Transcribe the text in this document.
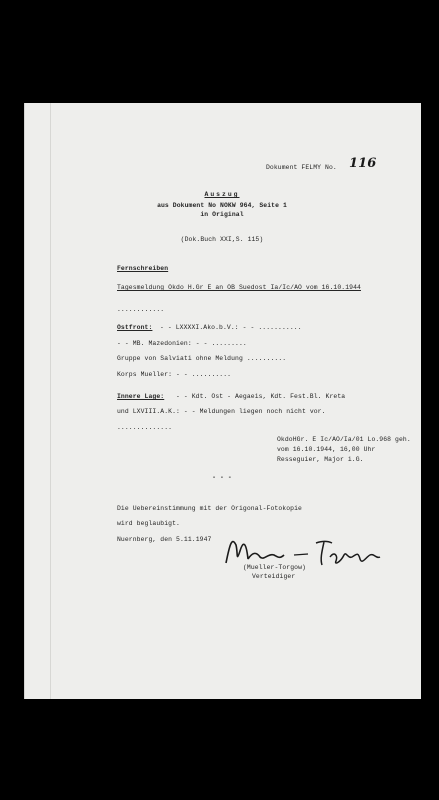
Dokument FELMY No. 116
Auszug
aus Dokument No NOKW 964, Seite 1
in Original
(Dok.Buch XXI,S. 115)
Fernschreiben
Tagesmeldung Okdo H.Gr E an OB Suedost Ia/Ic/AO vom 16.10.1944
............
Ostfront: - - LXXXXI.Ako.b.V.: - - ...........
- - MB. Mazedonien: - - .........
Gruppe von Salviati ohne Meldung ..........
Korps Mueller: - - ..........
Innere Lage: - - Kdt. Ost - Aegaeis, Kdt. Fest.Bl. Kreta
und LXVIII.A.K.: - - Meldungen liegen noch nicht vor.
..............
OkdoHGr. E Ic/AO/Ia/01 Lo.968 geh.
vom 16.10.1944, 16,00 Uhr
Resseguier, Major i.G.
- - -
Die Uebereinstimmung mit der Origonal-Fotokopie
wird beglaubigt.
Nuernberg, den 5.11.1947
(Mueller-Torgow)
Verteidiger
